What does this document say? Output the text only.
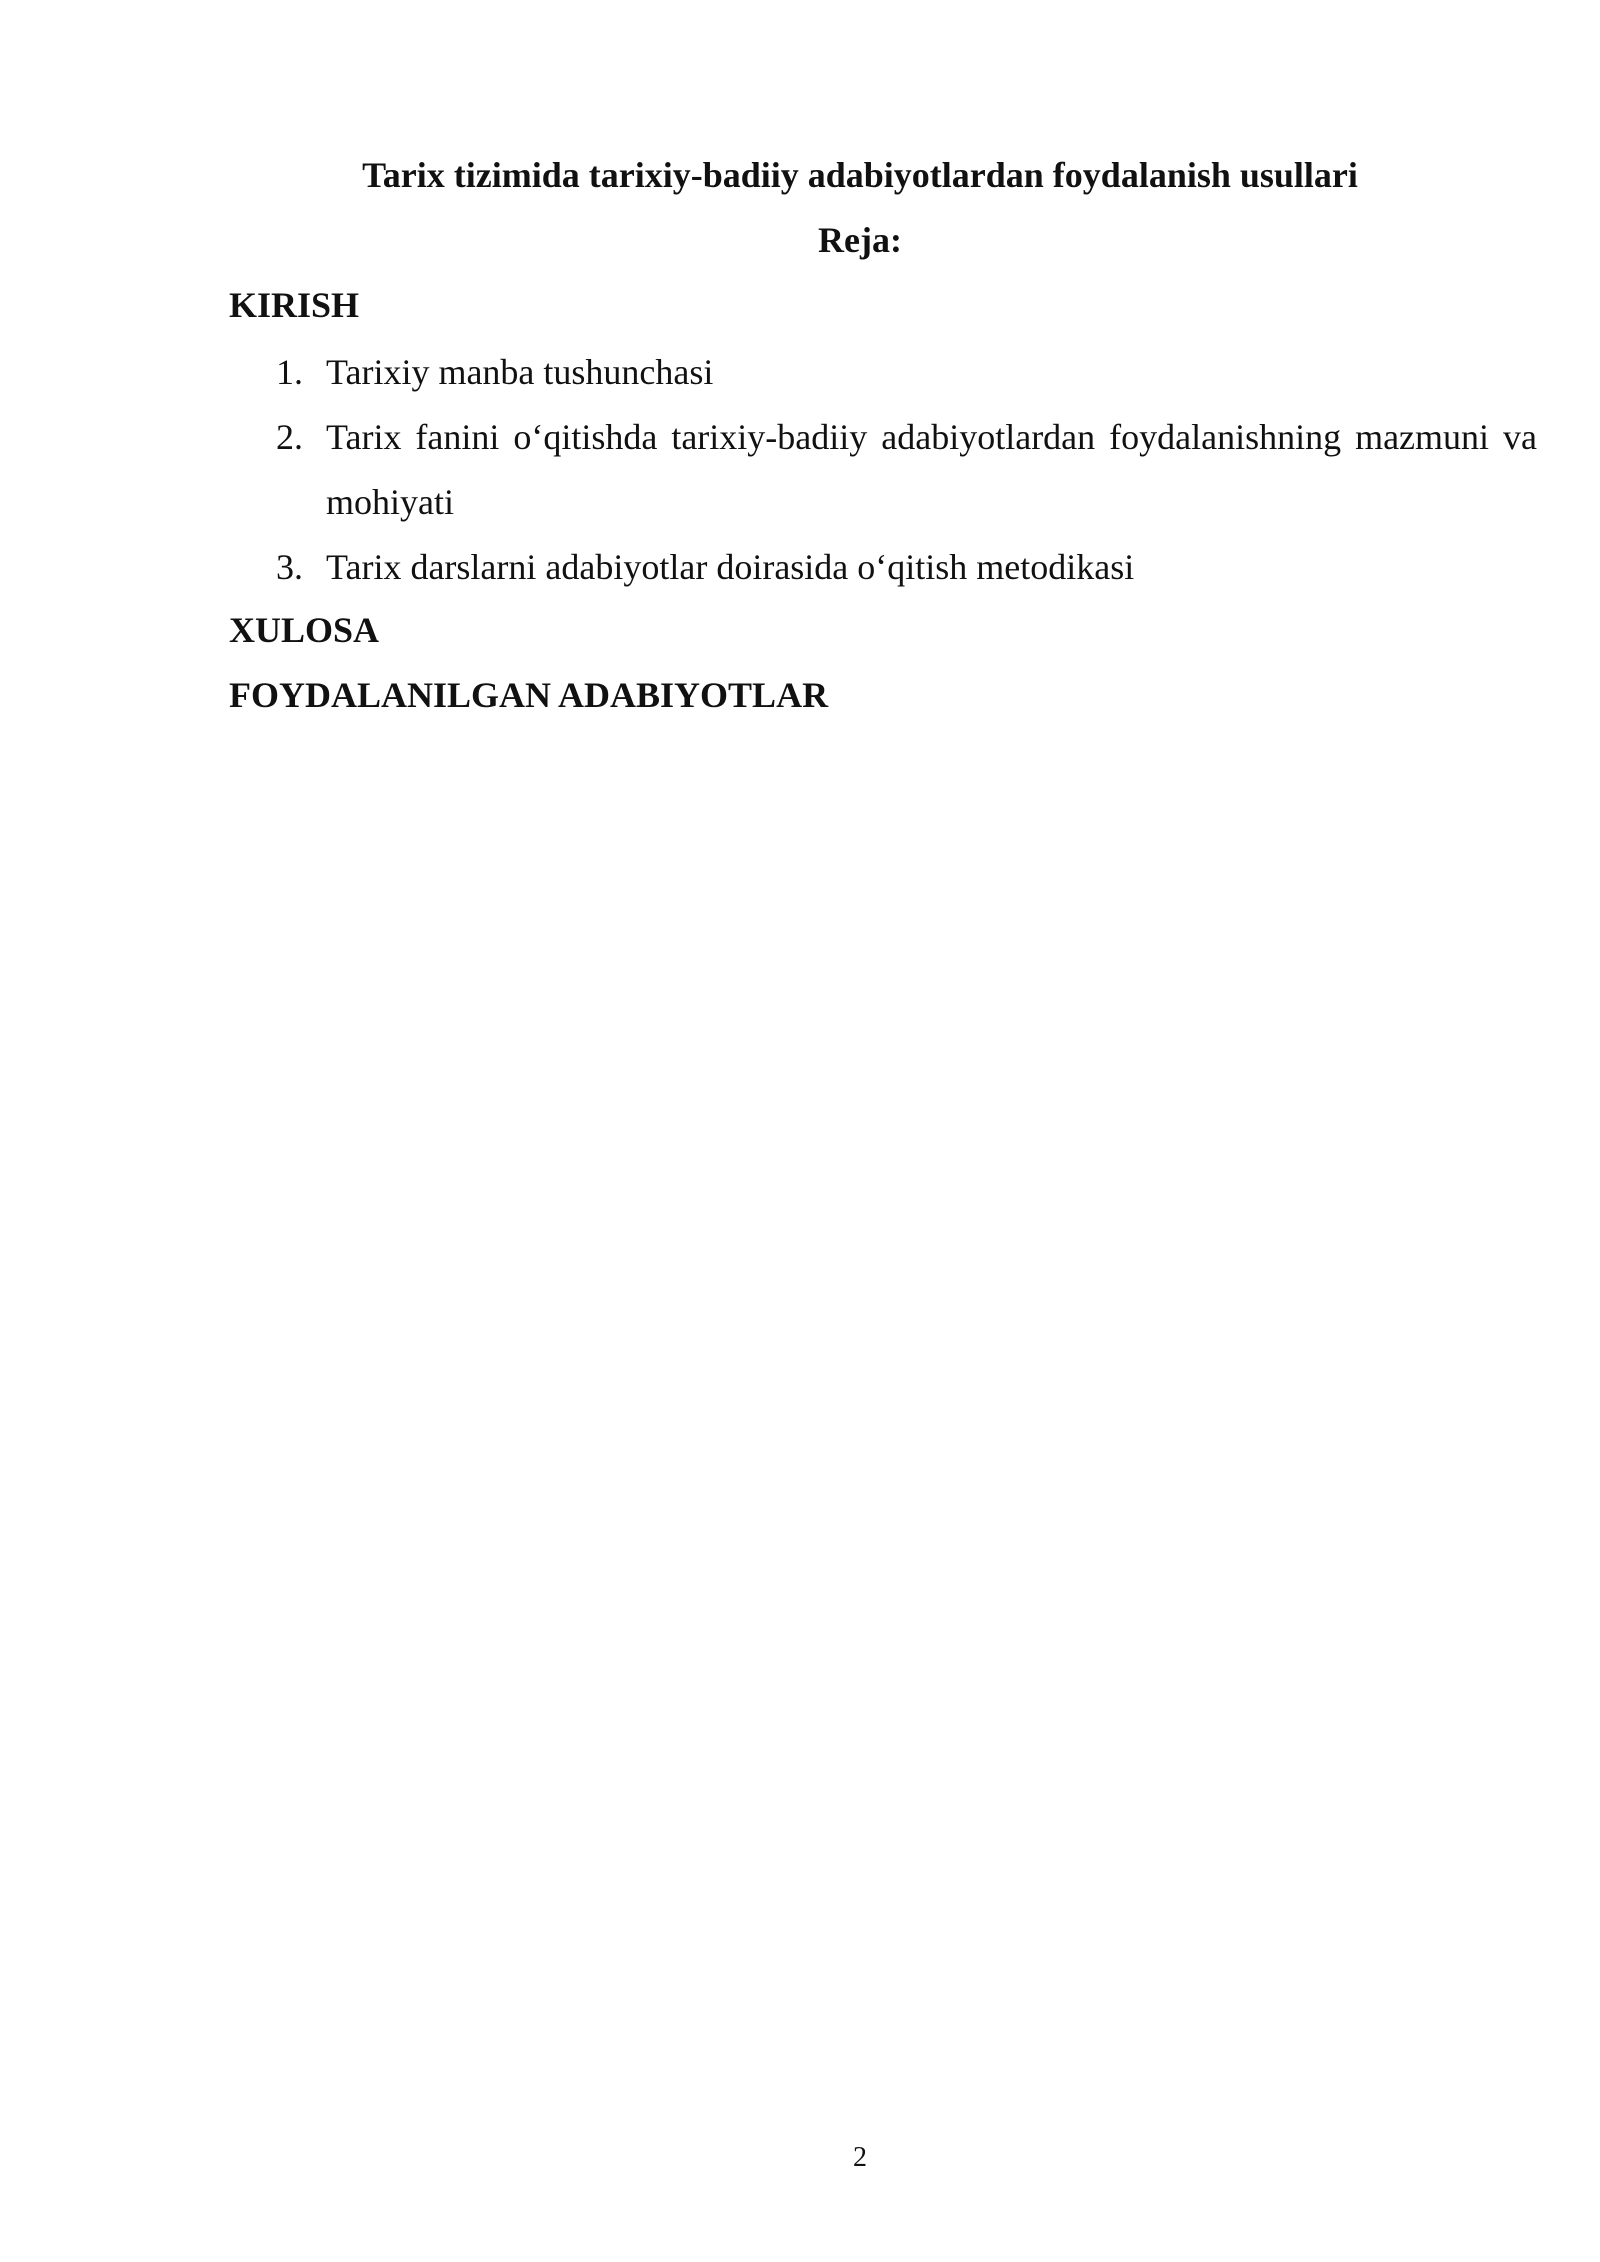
Tarix tizimida tarixiy-badiiy adabiyotlardan foydalanish usullari
Reja:
KIRISH
1. Tarixiy manba tushunchasi
2. Tarix fanini o‘qitishda tarixiy-badiiy adabiyotlardan foydalanishning mazmuni va mohiyati
3. Tarix darslarni adabiyotlar doirasida o‘qitish metodikasi
XULOSA
FOYDALANILGAN ADABIYOTLAR
2
